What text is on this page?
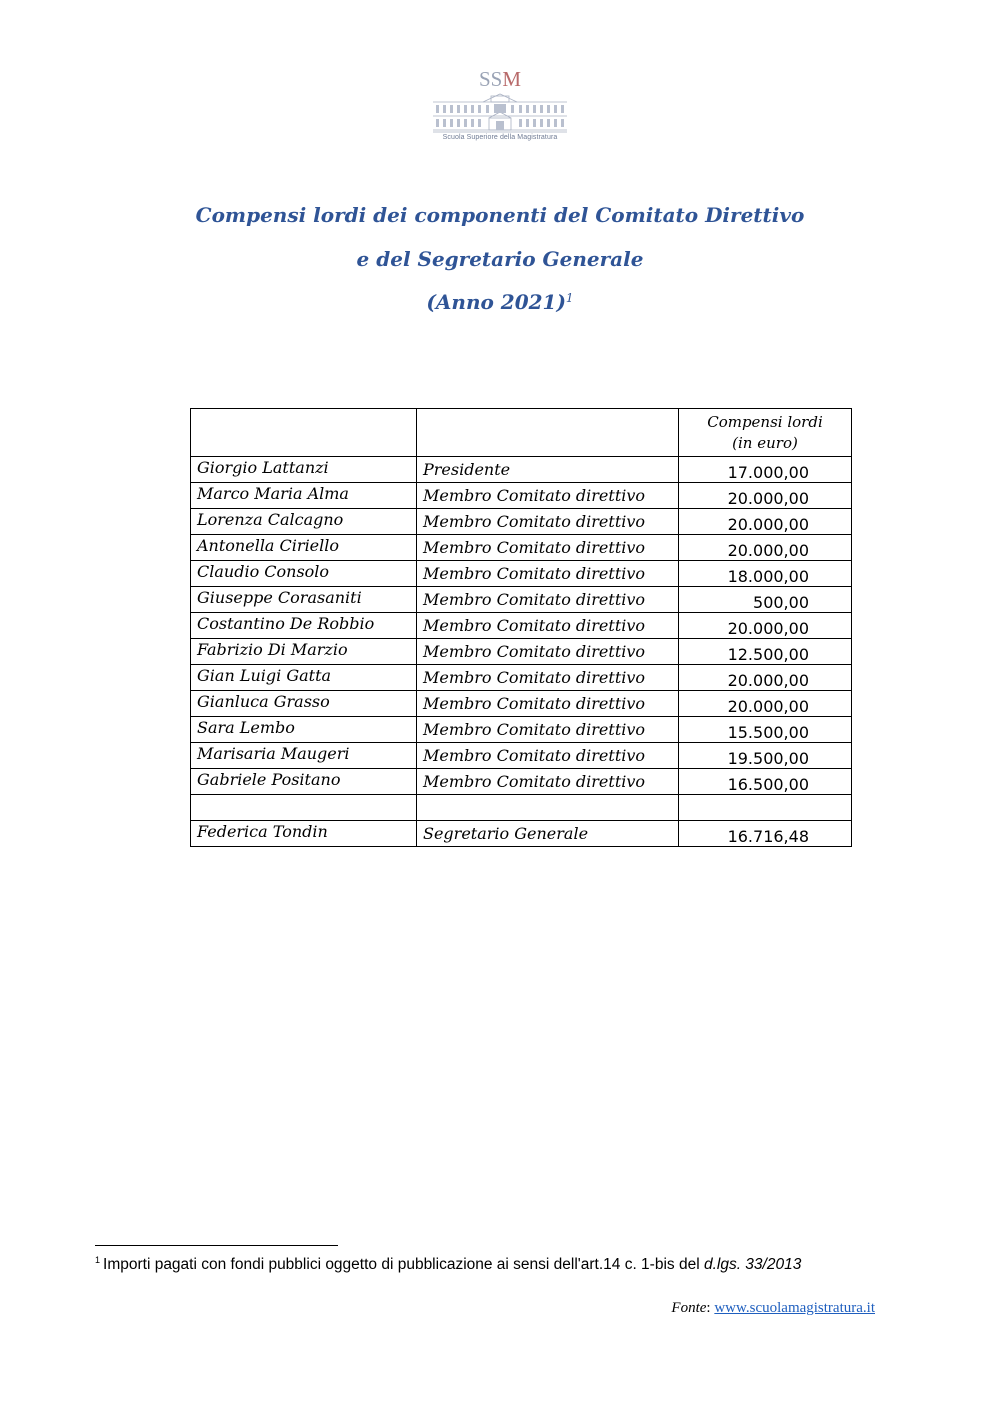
SSM
Scuola Superiore della Magistratura
Compensi lordi dei componenti del Comitato Direttivo
e del Segretario Generale
(Anno 2021)$^1$

		Compensi lordi
(in euro)

Giorgio Lattanzi	Presidente	17.000,00
Marco Maria Alma	Membro Comitato direttivo	20.000,00
Lorenza Calcagno	Membro Comitato direttivo	20.000,00
Antonella Ciriello	Membro Comitato direttivo	20.000,00
Claudio Consolo	Membro Comitato direttivo	18.000,00
Giuseppe Corasaniti	Membro Comitato direttivo	500,00
Costantino De Robbio	Membro Comitato direttivo	20.000,00
Fabrizio Di Marzio	Membro Comitato direttivo	12.500,00
Gian Luigi Gatta	Membro Comitato direttivo	20.000,00
Gianluca Grasso	Membro Comitato direttivo	20.000,00
Sara Lembo	Membro Comitato direttivo	15.500,00
Marisaria Maugeri	Membro Comitato direttivo	19.500,00
Gabriele Positano	Membro Comitato direttivo	16.500,00

Federica Tondin	Segretario Generale	16.716,48
$^1$ Importi pagati con fondi pubblici oggetto di pubblicazione ai sensi dell'art.14 c. 1-bis del d.lgs. 33/2013
Fonte: www.scuolamagistratura.it
